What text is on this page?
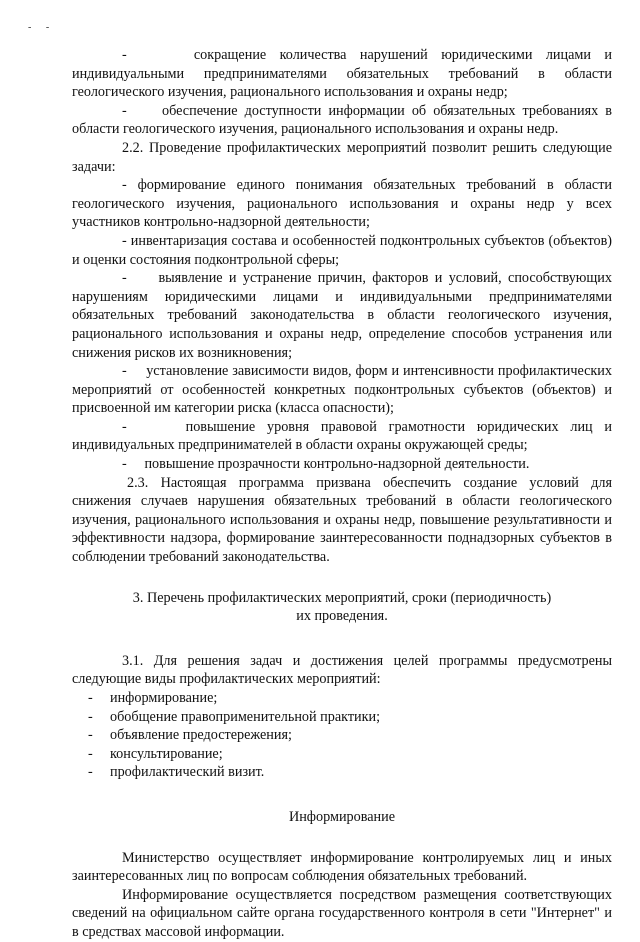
- -

-     сокращение количества нарушений юридическими лицами и индивидуальными предпринимателями обязательных требований в области геологического изучения, рационального использования и охраны недр;

-     обеспечение доступности информации об обязательных требованиях в области геологического изучения, рационального использования и охраны недр.

2.2. Проведение профилактических мероприятий позволит решить следующие задачи:

- формирование единого понимания обязательных требований в области геологического изучения, рационального использования и охраны недр у всех участников контрольно-надзорной деятельности;

- инвентаризация состава и особенностей подконтрольных субъектов (объектов) и оценки состояния подконтрольной сферы;

-     выявление и устранение причин, факторов и условий, способствующих нарушениям юридическими лицами и индивидуальными предпринимателями обязательных требований законодательства в области геологического изучения, рационального использования и охраны недр, определение способов устранения или снижения рисков их возникновения;

-     установление зависимости видов, форм и интенсивности профилактических мероприятий от особенностей конкретных подконтрольных субъектов (объектов) и присвоенной им категории риска (класса опасности);

-     повышение уровня правовой грамотности юридических лиц и индивидуальных предпринимателей в области охраны окружающей среды;

-     повышение прозрачности контрольно-надзорной деятельности.

2.3. Настоящая программа призвана обеспечить создание условий для снижения случаев нарушения обязательных требований в области геологического изучения, рационального использования и охраны недр, повышение результативности и эффективности надзора, формирование заинтересованности поднадзорных субъектов в соблюдении требований законодательства.

3. Перечень профилактических мероприятий, сроки (периодичность)

их проведения.

3.1. Для решения задач и достижения целей программы предусмотрены следующие виды профилактических мероприятий:

- информирование;
- обобщение правоприменительной практики;
- объявление предостережения;
- консультирование;
- профилактический визит.

Информирование

Министерство осуществляет информирование контролируемых лиц и иных заинтересованных лиц по вопросам соблюдения обязательных требований.

Информирование осуществляется посредством размещения соответствующих сведений на официальном сайте органа государственного контроля в сети "Интернет" и в средствах массовой информации.
